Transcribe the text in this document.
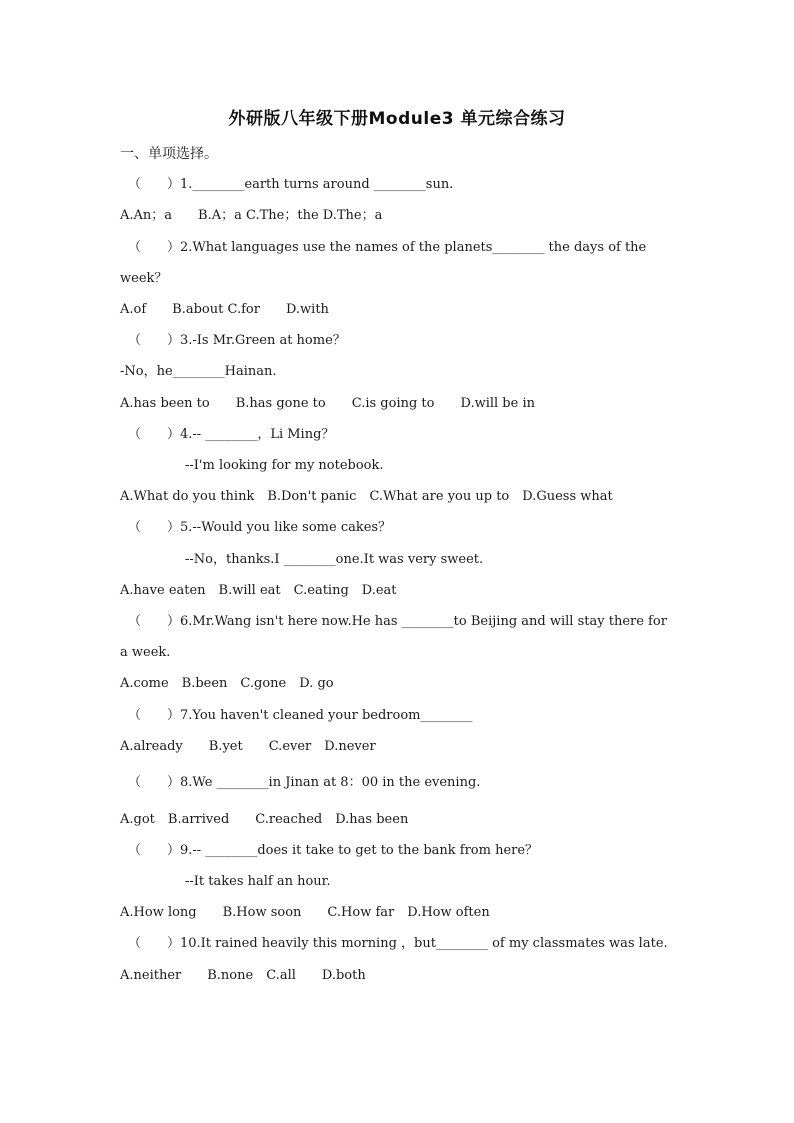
外研版八年级下册Module3 单元综合练习
一、单项选择。
（　　）1.________earth turns around ________sun.
A.An；a　　B.A；a C.The；the D.The；a
（　　）2.What languages use the names of the planets________ the days of the
week？
A.of　　B.about C.for　　D.with
（　　）3.-Is Mr.Green at home？
-No，he________Hainan.
A.has been to　　B.has gone to　　C.is going to　　D.will be in
（　　）4.-- ________，Li Ming？
--I'm looking for my notebook.
A.What do you think　B.Don't panic　C.What are you up to　D.Guess what
（　　）5.--Would you like some cakes？
--No，thanks.I ________one.It was very sweet.
A.have eaten　B.will eat　C.eating　D.eat
（　　）6.Mr.Wang isn't here now.He has ________to Beijing and will stay there for
a week.
A.come　B.been　C.gone　D. go
（　　）7.You haven't cleaned your bedroom________
A.already　　B.yet　　C.ever　D.never
（　　）8.We ________in Jinan at 8：00 in the evening.
A.got　B.arrived　　C.reached　D.has been
（　　）9.-- ________does it take to get to the bank from here？
--It takes half an hour.
A.How long　　B.How soon　　C.How far　D.How often
（　　）10.It rained heavily this morning ，but________ of my classmates was late.
A.neither　　B.none　C.all　　D.both
